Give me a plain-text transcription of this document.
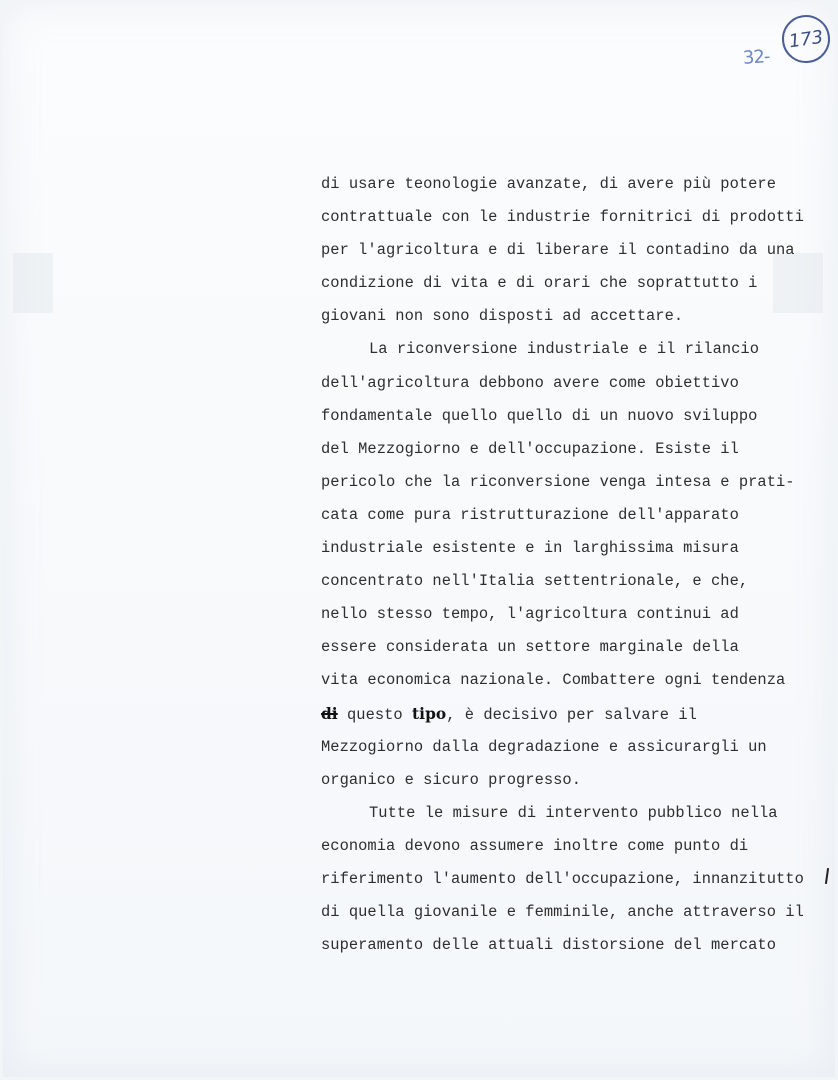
32-
173
di usare teonologie avanzate, di avere più potere
contrattuale con le industrie fornitrici di prodotti
per l'agricoltura e di liberare il contadino da una
condizione di vita e di orari che soprattutto i
giovani non sono disposti ad accettare.
La riconversione industriale e il rilancio
dell'agricoltura debbono avere come obiettivo
fondamentale quello quello di un nuovo sviluppo
del Mezzogiorno e dell'occupazione. Esiste il
pericolo che la riconversione venga intesa e prati-
cata come pura ristrutturazione dell'apparato
industriale esistente e in larghissima misura
concentrato nell'Italia settentrionale, e che,
nello stesso tempo, l'agricoltura continui ad
essere considerata un settore marginale della
vita economica nazionale. Combattere ogni tendenza
di questo tipo, è decisivo per salvare il
Mezzogiorno dalla degradazione e assicurargli un
organico e sicuro progresso.
Tutte le misure di intervento pubblico nella
economia devono assumere inoltre come punto di
riferimento l'aumento dell'occupazione, innanzitutto
di quella giovanile e femminile, anche attraverso il
superamento delle attuali distorsione del mercato
